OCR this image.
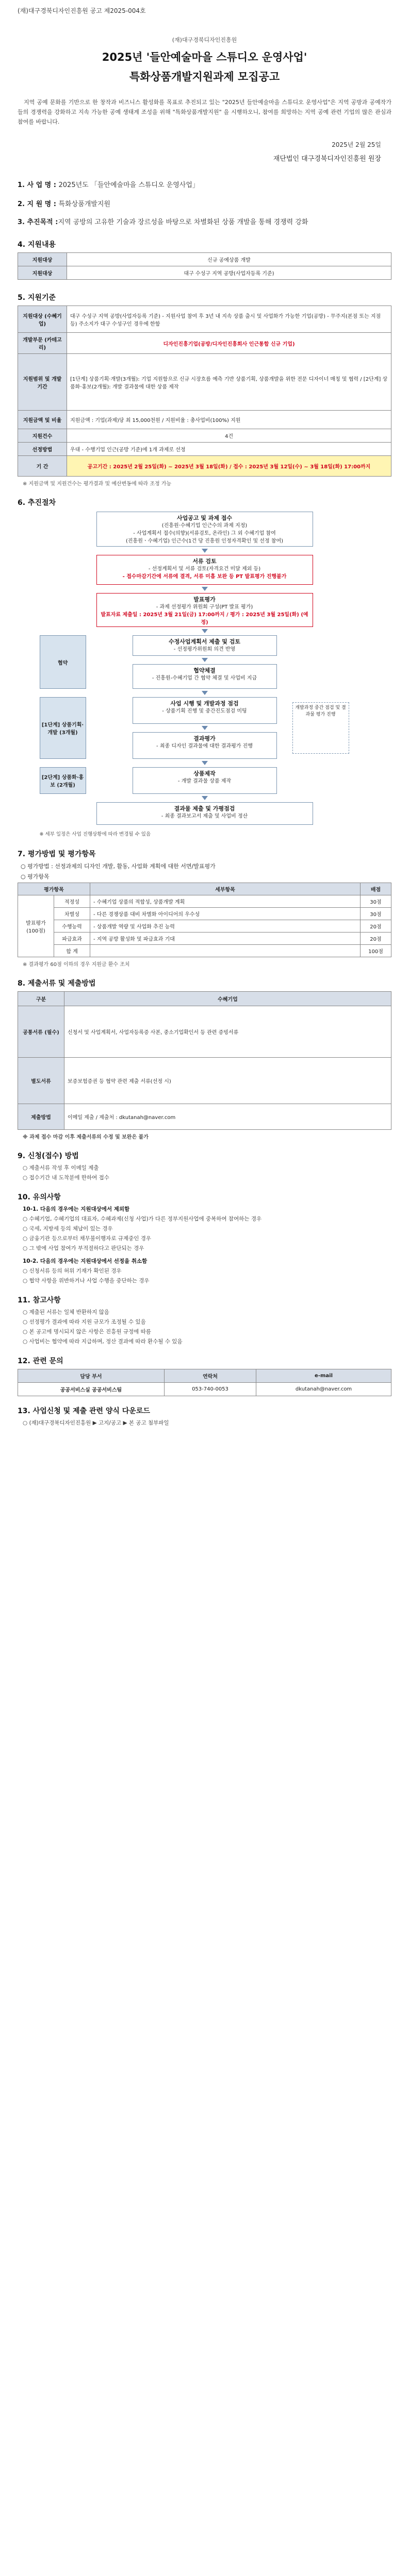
(재)대구경북디자인진흥원 공고 제2025-004호
(재)대구경북디자인진흥원
2025년 '들안예술마을 스튜디오 운영사업'
특화상품개발지원과제 모집공고
지역 공예 문화를 기반으로 한 창작과 비즈니스 활성화를 목표로 추진되고 있는 "2025년 들안예술마을 스튜디오 운영사업"은 지역 공방과 공예작가들의 경쟁력을 강화하고 지속 가능한 공예 생태계 조성을 위해 "특화상품개발지원" 을 시행하오니, 참여를 희망하는 지역 공예 관련 기업의 많은 관심과 참여를 바랍니다.
2025년 2월 25일
재단법인 대구경북디자인진흥원 원장
1. 사 업 명 : 2025년도 「들안예술마을 스튜디오 운영사업」
2. 지 원 명 : 특화상품개발지원
3. 추진목적 : 지역 공방의 고유한 기술과 장르성을 바탕으로 차별화된 상품 개발을 통해 경쟁력 강화
4. 지원내용
지원대상	신규 공예상품 개발
지원대상	대구 수성구 지역 공방(사업자등록 기준)
5. 지원기준
지원대상 (수혜기업)	대구 수성구 지역 공방(사업자등록 기준) - 지원사업 참여 후 3년 내 지속 상품 출시 및 사업화가 가능한 기업(공방) - 무주지(본점 또는 지점 등) 주소지가 대구 수성구인 경우에 한함
개발부문 (카테고리)	디자인진흥기업(공방/디자인진흥회사 인근통합 신규 기업)
지원범위 및 개발기간	[1단계] 상품기획·개발(3개월): 기업 지원함으로 신규 시장흐름 예측 기반 상품기획, 상품개발을 위한 전문 디자이너 매칭 및 협력 / [2단계] 상품화·홍보(2개월): 개발 결과물에 대한 상품 제작
지원금액 및 비율	지원금액 : 기업(과제)당 최 15,000천원 / 지원비율 : 총사업비(100%) 지원
지원건수	4건
선정방법	우대 - 수행기업 인근(공방 기준)에 1개 과제로 선정
기 간	공고기간 : 2025년 2월 25일(화) ~ 2025년 3월 18일(화) / 접수 : 2025년 3월 12일(수) ~ 3월 18일(화) 17:00까지
※ 지원금액 및 지원건수는 평가결과 및 예산변동에 따라 조정 가능
6. 추진절차
사업공고 및 과제 접수
(진흥원·수혜기업 인근수의 과제 지정)
- 사업계획서 접수(의향)(서류검토, 온라인) 그 외 수혜기업 참여
(진흥원ㆍ수혜기업) 인근수(1건 당 진흥원 인정자격확인 및 선정 참여)
서류 검토
- 선정계획서 및 서류 검토(자격요건 미달 제외 등)
- 접수마감기간에 서류에 결격, 서류 미흡 보완 등 PT 발표평가 진행불가
발표평가
- 과제 선정평가 위원회 구성(PT 발표 평가)
발표자료 제출일 : 2025년 3월 21일(금) 17:00까지 / 평가 : 2025년 3월 25일(화) (예정)
협약
수정사업계획서 제출 및 검토
- 선정평가위원회 의견 반영
협약체결
- 진흥원-수혜기업 간 협약 체결 및 사업비 지급
[1단계] 상품기획·개발 (3개월)
사업 시행 및 개발과정 점검
- 상품기획 진행 및 중간진도점검 미팅
결과평가
- 최종 디자인 결과물에 대한 결과평가 진행
개발과정 중간 점검 및 결과물 평가 진행
[2단계] 상품화·홍보 (2개월)
상품제작
- 개발 결과물 상품 제작
결과물 제출 및 가평점검
- 최종 결과보고서 제출 및 사업비 정산
※ 세부 일정은 사업 진행상황에 따라 변경될 수 있음
7. 평가방법 및 평가항목
○ 평가방법 : 선정과제의 디자인 개발, 활동, 사업화 계획에 대한 서면/발표평가
○ 평가항목
평가항목		세부항목	배점
발표평가 (100점)	적정성	- 수혜기업 상품의 적합성, 상품개발 계획	30점
	차별성	- 다른 경쟁상품 대비 차별화 아이디어의 우수성	30점
	수행능력	- 상품개발 역량 및 사업화 추진 능력	20점
	파급효과	- 지역 공방 활성화 및 파급효과 기대	20점
	합 계		100점
※ 결과평가 60점 이하의 경우 지원금 환수 조치
8. 제출서류 및 제출방법
구분	수혜기업
공통서류 (필수)	신청서 및 사업계획서, 사업자등록증 사본, 중소기업확인서 등 관련 증빙서류
별도서류	보증보험증권 등 협약 관련 제출 서류(선정 시)
제출방법	이메일 제출 / 제출처 : dkutanah@naver.com
※ 과제 접수 마감 이후 제출서류의 수정 및 보완은 불가
9. 신청(접수) 방법
○ 제출서류 작성 후 이메일 제출
○ 접수기간 내 도착분에 한하여 접수
10. 유의사항
10-1. 다음의 경우에는 지원대상에서 제외함
○ 수혜기업, 수혜기업의 대표자, 수혜과제(신청 사업)가 다른 정부지원사업에 중복하여 참여하는 경우
○ 국세, 지방세 등의 체납이 있는 경우
○ 금융기관 등으로부터 채무불이행자로 규제중인 경우
○ 그 밖에 사업 참여가 부적절하다고 판단되는 경우
10-2. 다음의 경우에는 지원대상에서 선정을 취소함
○ 신청서류 등의 허위 기재가 확인된 경우
○ 협약 사항을 위반하거나 사업 수행을 중단하는 경우
11. 참고사항
○ 제출된 서류는 일체 반환하지 않음
○ 선정평가 결과에 따라 지원 규모가 조정될 수 있음
○ 본 공고에 명시되지 않은 사항은 진흥원 규정에 따름
○ 사업비는 협약에 따라 지급하며, 정산 결과에 따라 환수될 수 있음
12. 관련 문의
담당 부서	연락처	e-mail
공공서비스실 공공서비스팀	053-740-0053	dkutanah@naver.com
13. 사업신청 및 제출 관련 양식 다운로드
○ (재)대구경북디자인진흥원 ▶ 고지/공고 ▶ 본 공고 첨부파일
